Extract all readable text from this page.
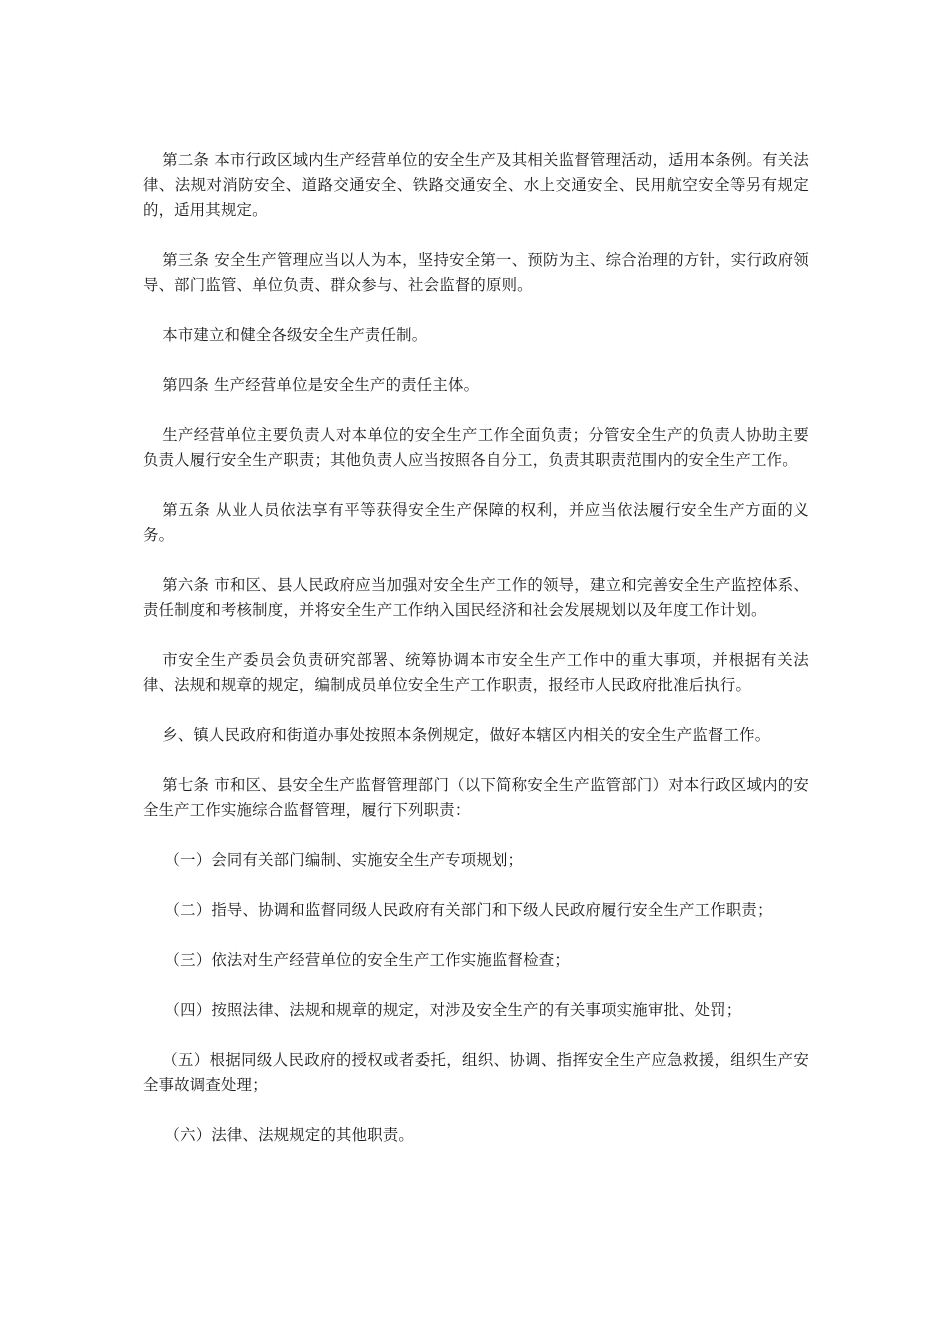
第二条 本市行政区域内生产经营单位的安全生产及其相关监督管理活动，适用本条例。有关法律、法规对消防安全、道路交通安全、铁路交通安全、水上交通安全、民用航空安全等另有规定的，适用其规定。

第三条 安全生产管理应当以人为本，坚持安全第一、预防为主、综合治理的方针，实行政府领导、部门监管、单位负责、群众参与、社会监督的原则。

本市建立和健全各级安全生产责任制。

第四条 生产经营单位是安全生产的责任主体。

生产经营单位主要负责人对本单位的安全生产工作全面负责；分管安全生产的负责人协助主要负责人履行安全生产职责；其他负责人应当按照各自分工，负责其职责范围内的安全生产工作。

第五条 从业人员依法享有平等获得安全生产保障的权利，并应当依法履行安全生产方面的义务。

第六条 市和区、县人民政府应当加强对安全生产工作的领导，建立和完善安全生产监控体系、责任制度和考核制度，并将安全生产工作纳入国民经济和社会发展规划以及年度工作计划。

市安全生产委员会负责研究部署、统筹协调本市安全生产工作中的重大事项，并根据有关法律、法规和规章的规定，编制成员单位安全生产工作职责，报经市人民政府批准后执行。

乡、镇人民政府和街道办事处按照本条例规定，做好本辖区内相关的安全生产监督工作。

第七条 市和区、县安全生产监督管理部门（以下简称安全生产监管部门）对本行政区域内的安全生产工作实施综合监督管理，履行下列职责：

（一）会同有关部门编制、实施安全生产专项规划；

（二）指导、协调和监督同级人民政府有关部门和下级人民政府履行安全生产工作职责；

（三）依法对生产经营单位的安全生产工作实施监督检查；

（四）按照法律、法规和规章的规定，对涉及安全生产的有关事项实施审批、处罚；

（五）根据同级人民政府的授权或者委托，组织、协调、指挥安全生产应急救援，组织生产安全事故调查处理；

（六）法律、法规规定的其他职责。
